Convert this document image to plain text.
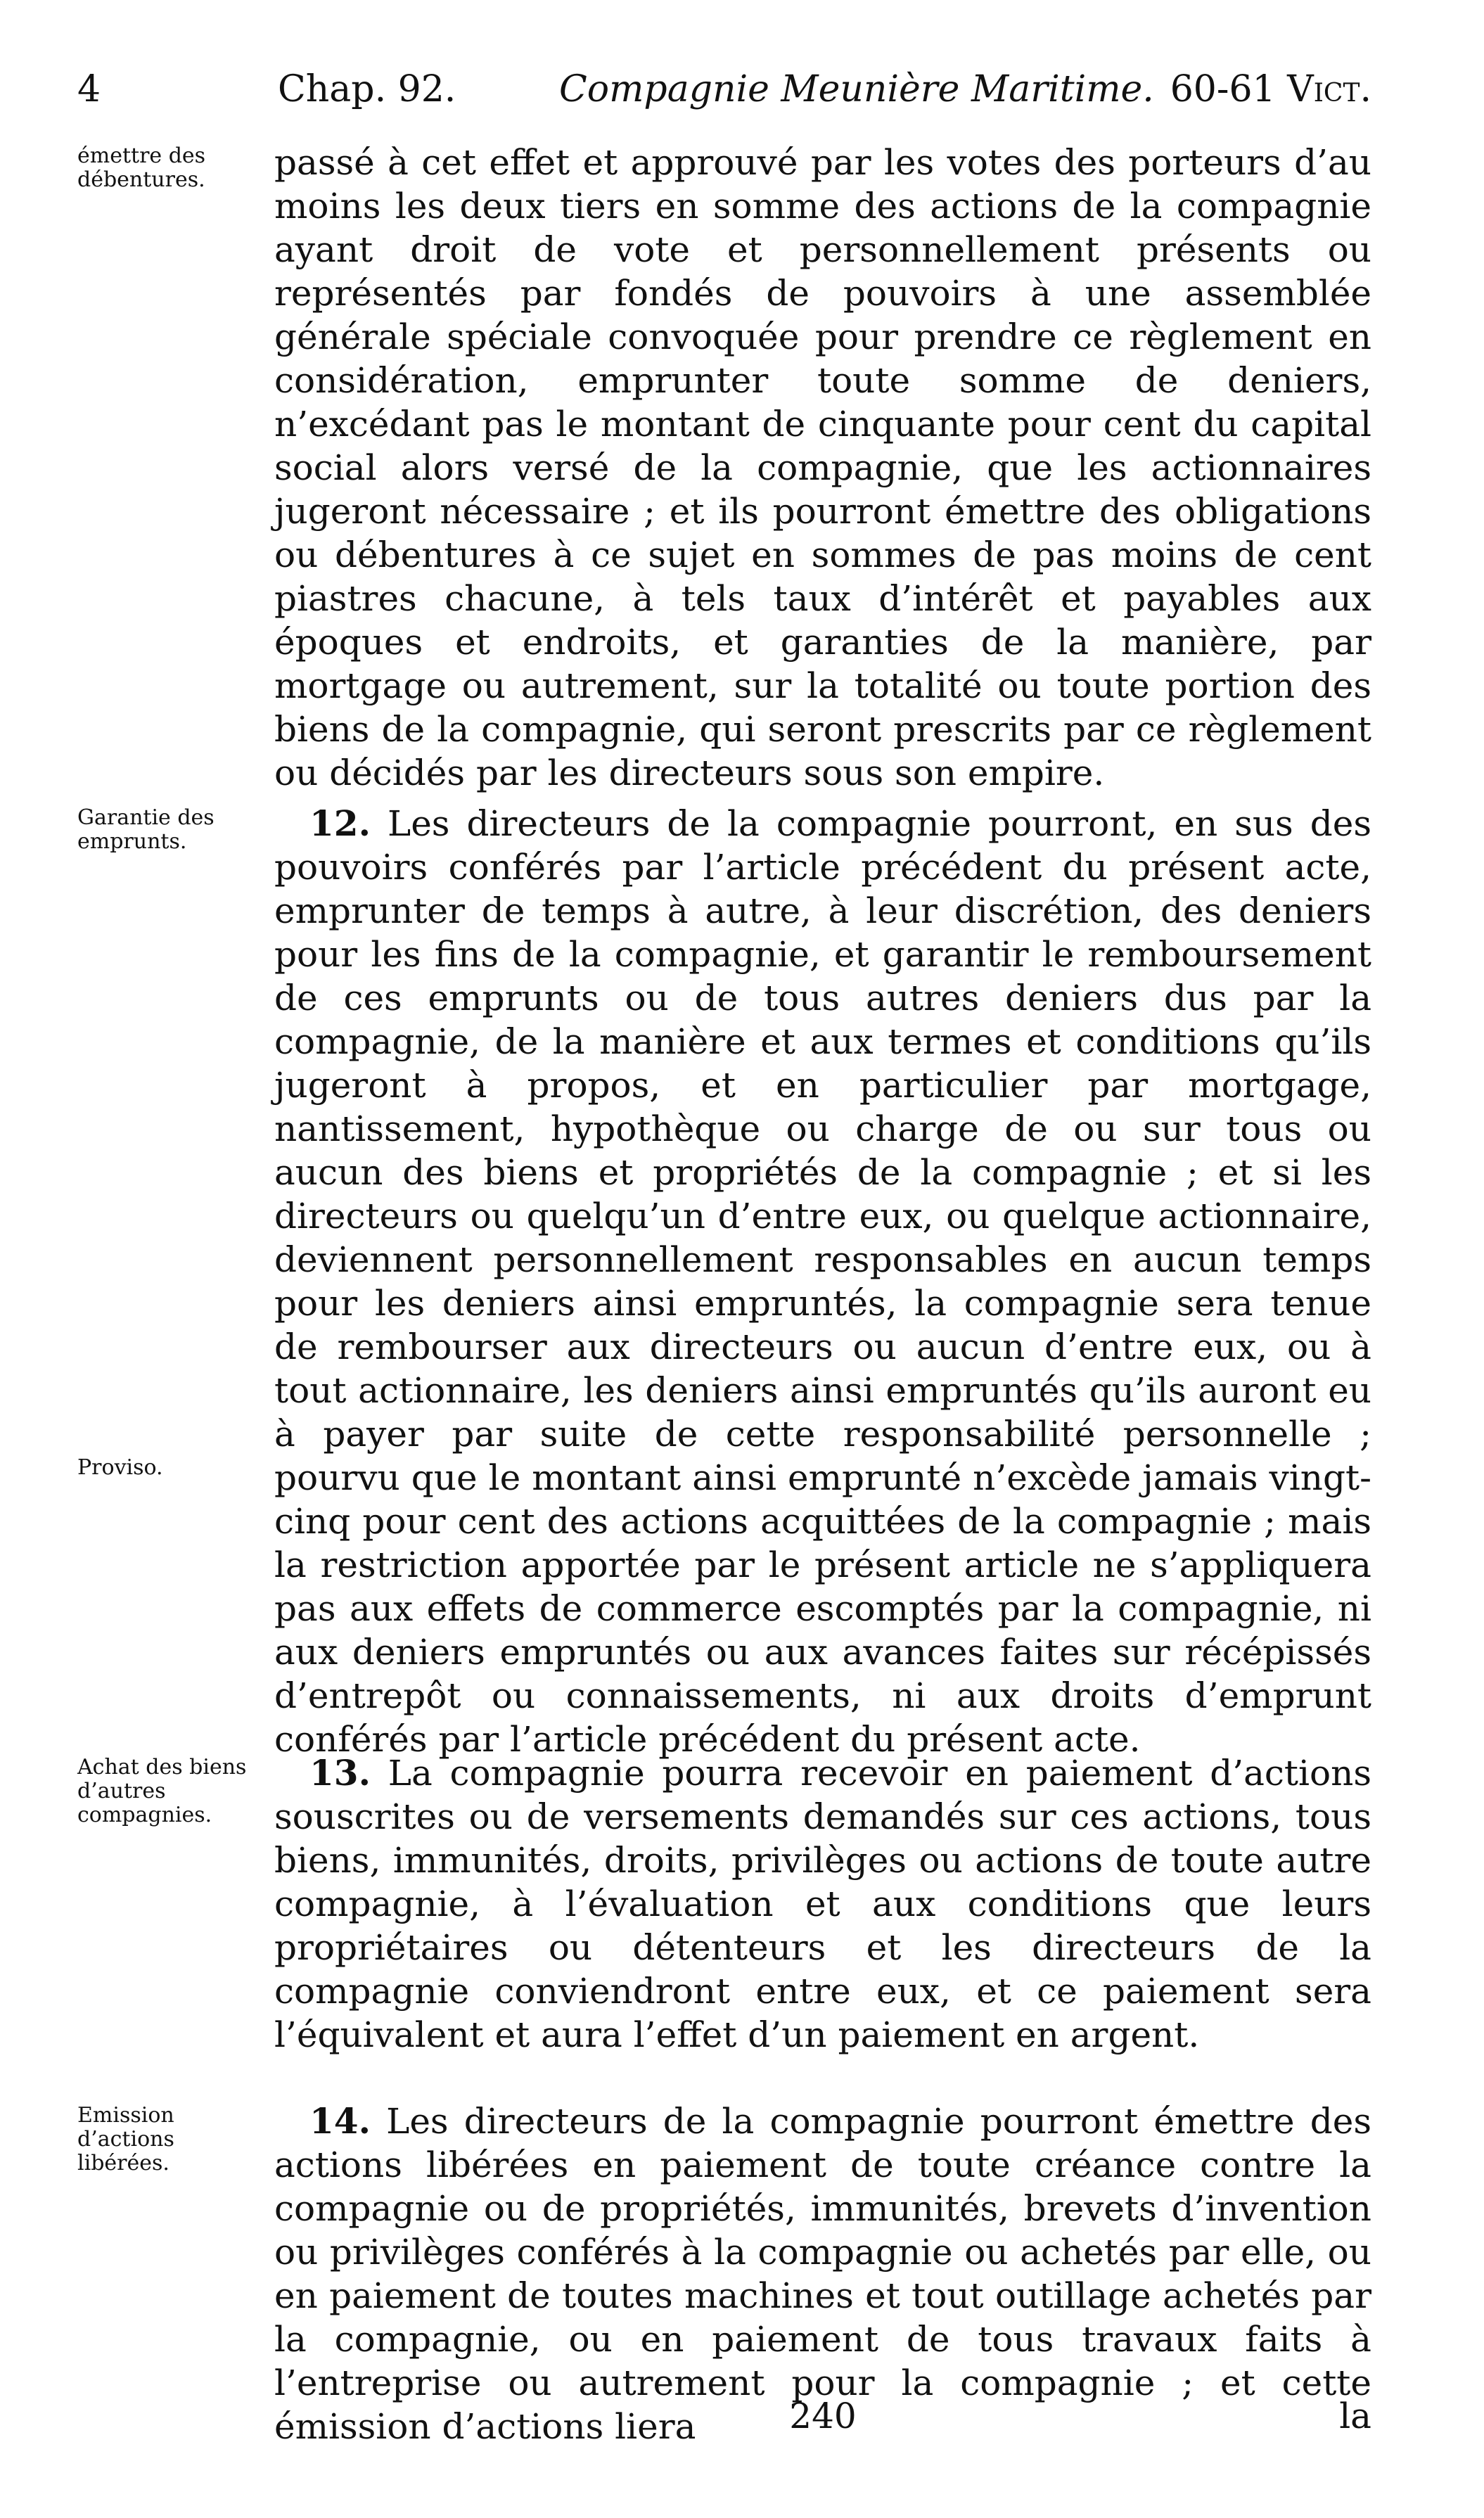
4	Chap. 92.	Compagnie Meunière Maritime. 60-61 Vict.
émettre des débentures.	passé à cet effet et approuvé par les votes des porteurs d’au moins les deux tiers en somme des actions de la compagnie ayant droit de vote et personnellement présents ou représentés par fondés de pouvoirs à une assemblée générale spéciale convoquée pour prendre ce règlement en considération, emprunter toute somme de deniers, n’excédant pas le montant de cinquante pour cent du capital social alors versé de la compagnie, que les actionnaires jugeront nécessaire ; et ils pourront émettre des obligations ou débentures à ce sujet en sommes de pas moins de cent piastres chacune, à tels taux d’intérêt et payables aux époques et endroits, et garanties de la manière, par mortgage ou autrement, sur la totalité ou toute portion des biens de la compagnie, qui seront prescrits par ce règlement ou décidés par les directeurs sous son empire.
Garantie des emprunts.	12. Les directeurs de la compagnie pourront, en sus des pouvoirs conférés par l’article précédent du présent acte, emprunter de temps à autre, à leur discrétion, des deniers pour les fins de la compagnie, et garantir le remboursement de ces emprunts ou de tous autres deniers dus par la compagnie, de la manière et aux termes et conditions qu’ils jugeront à propos, et en particulier par mortgage, nantissement, hypothèque ou charge de ou sur tous ou aucun des biens et propriétés de la compagnie ; et si les directeurs ou quelqu’un d’entre eux, ou quelque actionnaire, deviennent personnellement responsables en aucun temps pour les deniers ainsi empruntés, la compagnie sera tenue de rembourser aux directeurs ou aucun d’entre eux, ou à tout actionnaire, les deniers ainsi empruntés qu’ils auront eu à payer par suite de cette responsabilité personnelle ; pourvu que le montant ainsi emprunté n’excède jamais vingt-cinq pour cent des actions acquittées de la compagnie ; mais la restriction apportée par le présent article ne s’appliquera pas aux effets de commerce escomptés par la compagnie, ni aux deniers empruntés ou aux avances faites sur récépissés d’entrepôt ou connaissements, ni aux droits d’emprunt conférés par l’article précédent du présent acte.
Proviso.
Achat des biens d’autres compagnies.
13. La compagnie pourra recevoir en paiement d’actions souscrites ou de versements demandés sur ces actions, tous biens, immunités, droits, privilèges ou actions de toute autre compagnie, à l’évaluation et aux conditions que leurs propriétaires ou détenteurs et les directeurs de la compagnie conviendront entre eux, et ce paiement sera l’équivalent et aura l’effet d’un paiement en argent.
Emission d’actions libérées.
14. Les directeurs de la compagnie pourront émettre des actions libérées en paiement de toute créance contre la compagnie ou de propriétés, immunités, brevets d’invention ou privilèges conférés à la compagnie ou achetés par elle, ou en paiement de toutes machines et tout outillage achetés par la compagnie, ou en paiement de tous travaux faits à l’entreprise ou autrement pour la compagnie ; et cette émission d’actions liera	240	la
